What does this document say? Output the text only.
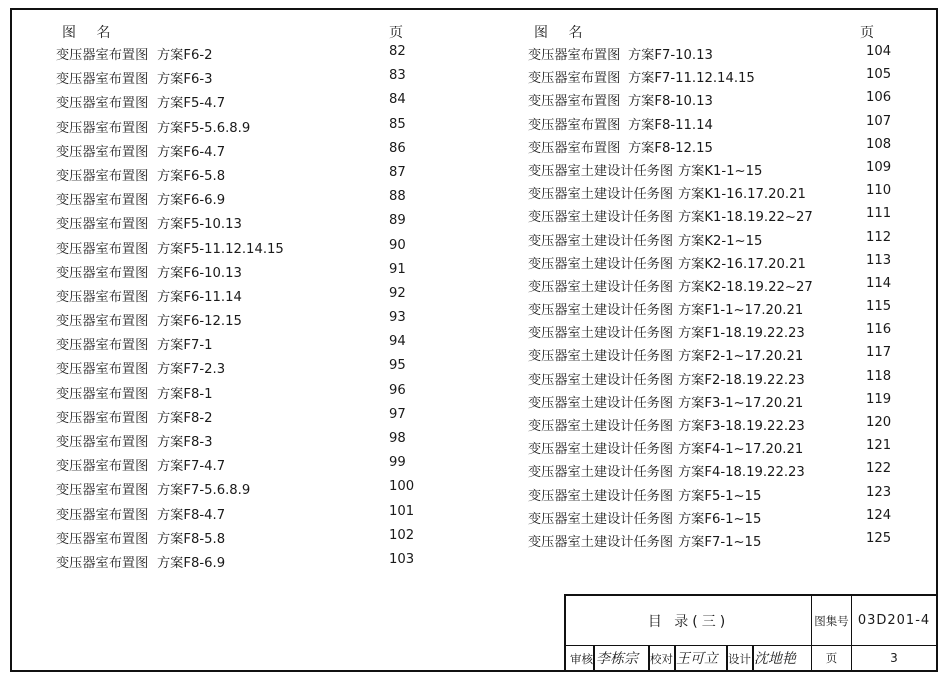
图 名	页
变压器室布置图 方案F6-2	82
变压器室布置图 方案F6-3	83
变压器室布置图 方案F5-4.7	84
变压器室布置图 方案F5-5.6.8.9	85
变压器室布置图 方案F6-4.7	86
变压器室布置图 方案F6-5.8	87
变压器室布置图 方案F6-6.9	88
变压器室布置图 方案F5-10.13	89
变压器室布置图 方案F5-11.12.14.15	90
变压器室布置图 方案F6-10.13	91
变压器室布置图 方案F6-11.14	92
变压器室布置图 方案F6-12.15	93
变压器室布置图 方案F7-1	94
变压器室布置图 方案F7-2.3	95
变压器室布置图 方案F8-1	96
变压器室布置图 方案F8-2	97
变压器室布置图 方案F8-3	98
变压器室布置图 方案F7-4.7	99
变压器室布置图 方案F7-5.6.8.9	100
变压器室布置图 方案F8-4.7	101
变压器室布置图 方案F8-5.8	102
变压器室布置图 方案F8-6.9	103
图 名	页
变压器室布置图 方案F7-10.13	104
变压器室布置图 方案F7-11.12.14.15	105
变压器室布置图 方案F8-10.13	106
变压器室布置图 方案F8-11.14	107
变压器室布置图 方案F8-12.15	108
变压器室土建设计任务图 方案K1-1~15	109
变压器室土建设计任务图 方案K1-16.17.20.21	110
变压器室土建设计任务图 方案K1-18.19.22~27	111
变压器室土建设计任务图 方案K2-1~15	112
变压器室土建设计任务图 方案K2-16.17.20.21	113
变压器室土建设计任务图 方案K2-18.19.22~27	114
变压器室土建设计任务图 方案F1-1~17.20.21	115
变压器室土建设计任务图 方案F1-18.19.22.23	116
变压器室土建设计任务图 方案F2-1~17.20.21	117
变压器室土建设计任务图 方案F2-18.19.22.23	118
变压器室土建设计任务图 方案F3-1~17.20.21	119
变压器室土建设计任务图 方案F3-18.19.22.23	120
变压器室土建设计任务图 方案F4-1~17.20.21	121
变压器室土建设计任务图 方案F4-18.19.22.23	122
变压器室土建设计任务图 方案F5-1~15	123
变压器室土建设计任务图 方案F6-1~15	124
变压器室土建设计任务图 方案F7-1~15	125
目 录(三)	图集号 03D201-4
审核 李栋宗 校对 王可立 设计 沈地艳	页	3
